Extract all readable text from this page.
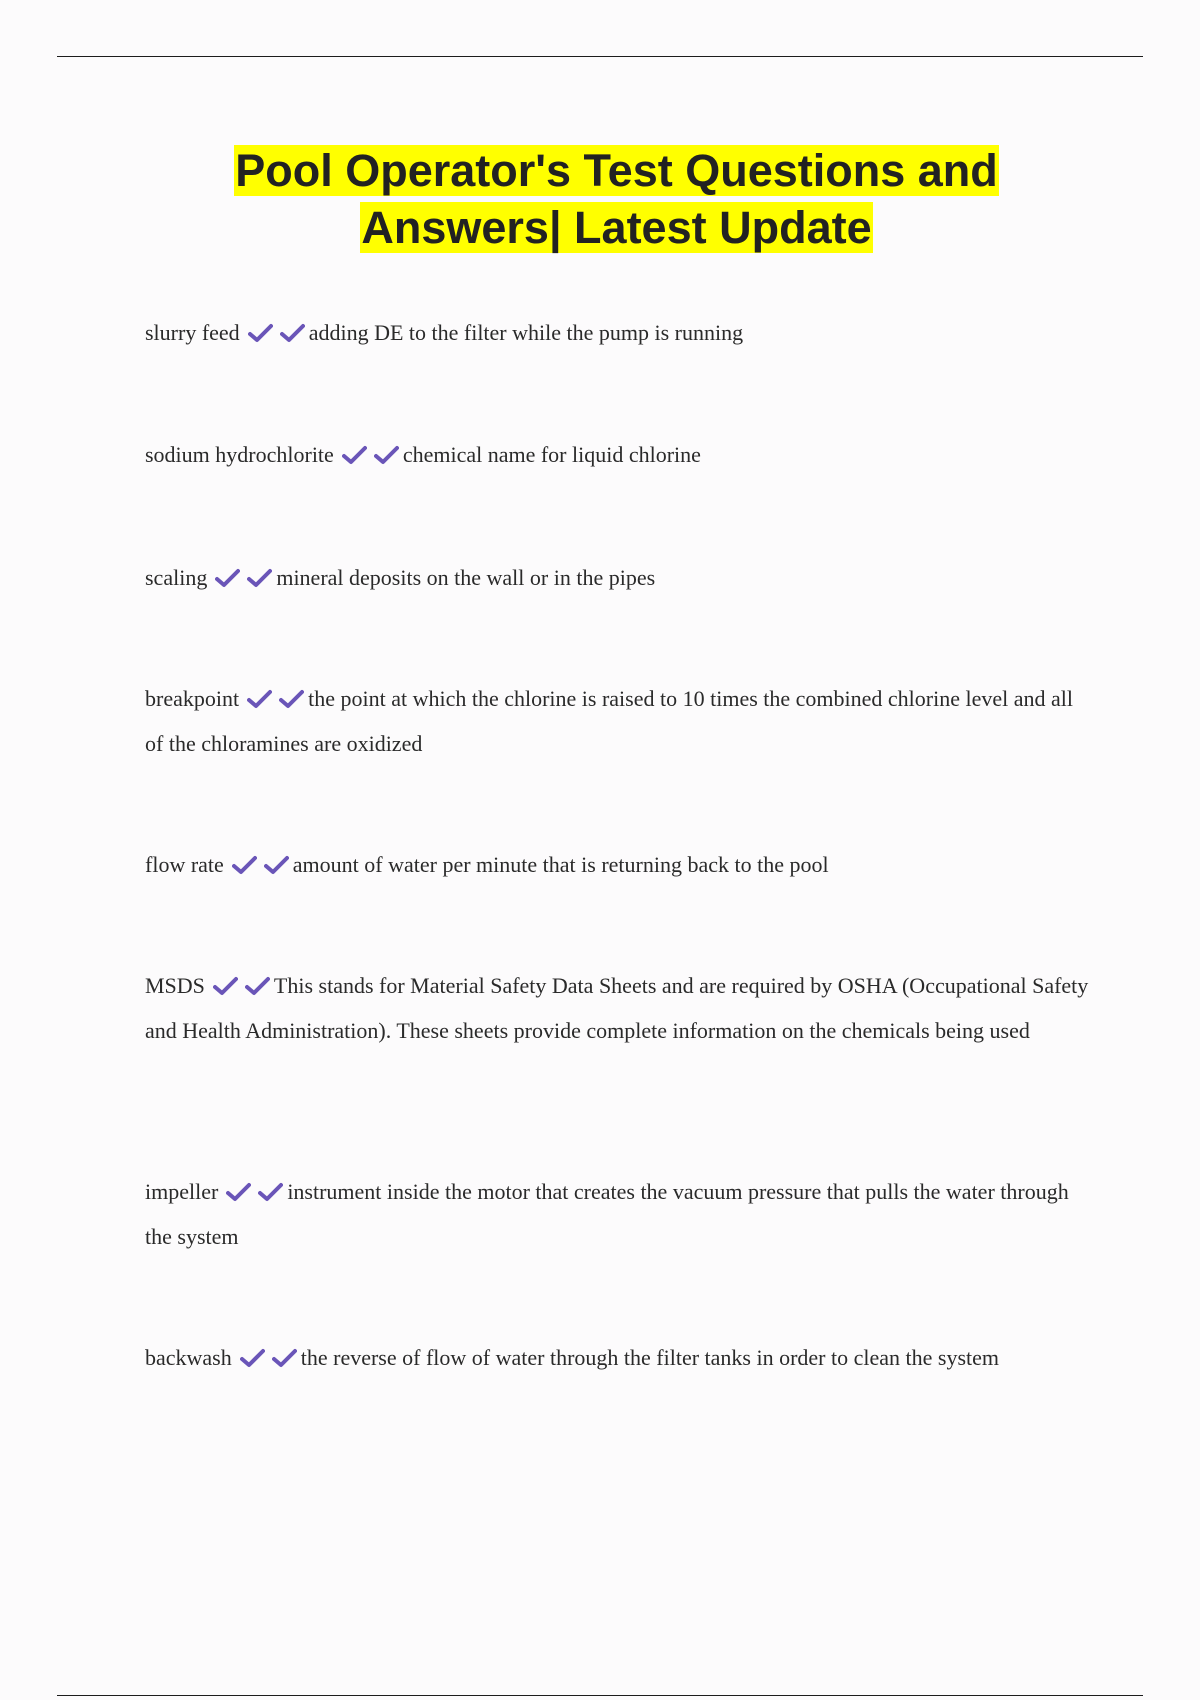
Pool Operator's Test Questions and
Answers| Latest Update

slurry feed	adding DE to the filter while the pump is running

sodium hydrochlorite	chemical name for liquid chlorine

scaling	mineral deposits on the wall or in the pipes

breakpoint	the point at which the chlorine is raised to 10 times the combined chlorine level and all of the chloramines are oxidized

flow rate	amount of water per minute that is returning back to the pool

MSDS	This stands for Material Safety Data Sheets and are required by OSHA (Occupational Safety and Health Administration). These sheets provide complete information on the chemicals being used

impeller	instrument inside the motor that creates the vacuum pressure that pulls the water through the system

backwash	the reverse of flow of water through the filter tanks in order to clean the system
